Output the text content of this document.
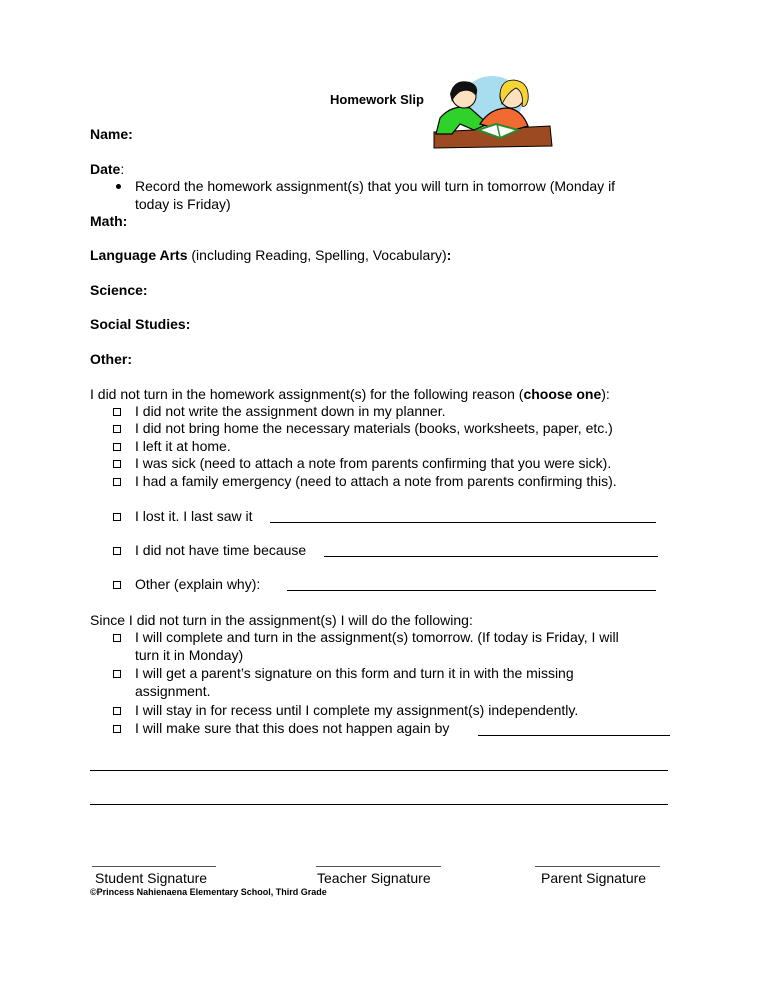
Homework Slip
Name:
Date:
Record the homework assignment(s) that you will turn in tomorrow (Monday if
today is Friday)
Math:
Language Arts (including Reading, Spelling, Vocabulary):
Science:
Social Studies:
Other:
I did not turn in the homework assignment(s) for the following reason (choose one):
I did not write the assignment down in my planner.
I did not bring home the necessary materials (books, worksheets, paper, etc.)
I left it at home.
I was sick (need to attach a note from parents confirming that you were sick).
I had a family emergency (need to attach a note from parents confirming this).
I lost it. I last saw it
I did not have time because
Other (explain why):
Since I did not turn in the assignment(s) I will do the following:
I will complete and turn in the assignment(s) tomorrow. (If today is Friday, I will
turn it in Monday)
I will get a parent’s signature on this form and turn it in with the missing
assignment.
I will stay in for recess until I complete my assignment(s) independently.
I will make sure that this does not happen again by
Student Signature	Teacher Signature	Parent Signature
©Princess Nahienaena Elementary School, Third Grade
